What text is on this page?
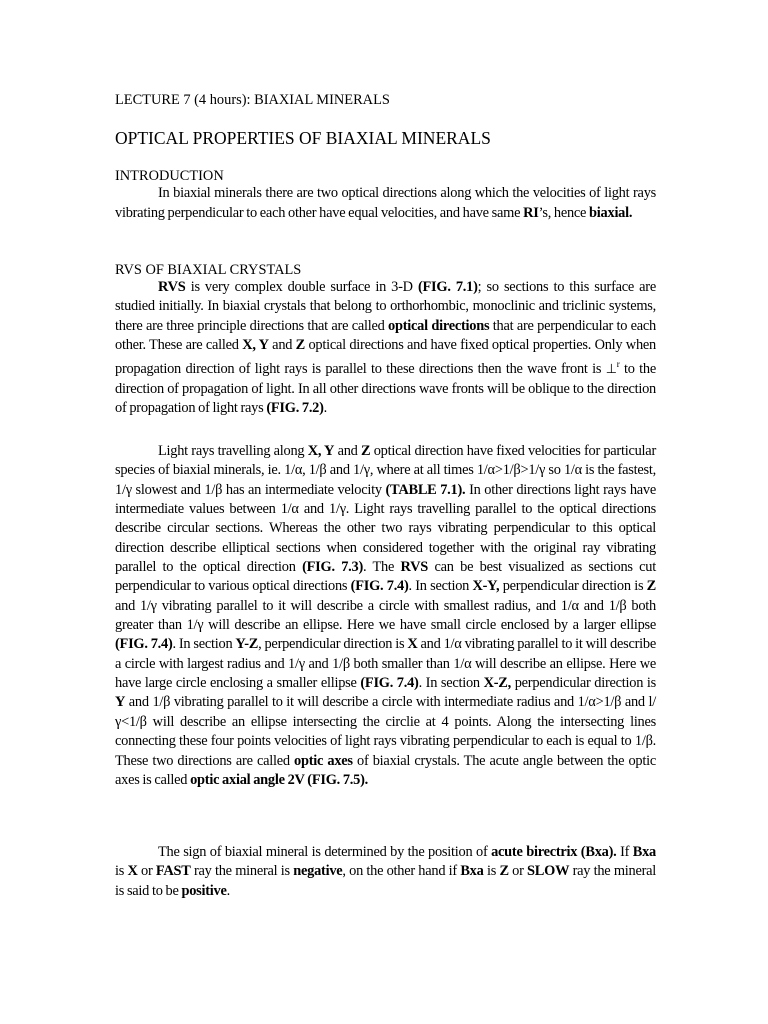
LECTURE 7 (4 hours): BIAXIAL MINERALS
OPTICAL PROPERTIES OF BIAXIAL MINERALS
INTRODUCTION
In biaxial minerals there are two optical directions along which the velocities of light rays vibrating perpendicular to each other have equal velocities, and have same RI’s, hence biaxial.
RVS OF BIAXIAL CRYSTALS
RVS is very complex double surface in 3-D (FIG. 7.1); so sections to this surface are studied initially. In biaxial crystals that belong to orthorhombic, monoclinic and triclinic systems, there are three principle directions that are called optical directions that are perpendicular to each other. These are called X, Y and Z optical directions and have fixed optical properties. Only when propagation direction of light rays is parallel to these directions then the wave front is ⊥$^r$ to the direction of propagation of light. In all other directions wave fronts will be oblique to the direction of propagation of light rays (FIG. 7.2).
Light rays travelling along X, Y and Z optical direction have fixed velocities for particular species of biaxial minerals, ie. 1/α, 1/β and 1/γ, where at all times 1/α>1/β>1/γ so 1/α is the fastest, 1/γ slowest and 1/β has an intermediate velocity (TABLE 7.1). In other directions light rays have intermediate values between 1/α and 1/γ. Light rays travelling parallel to the optical directions describe circular sections. Whereas the other two rays vibrating perpendicular to this optical direction describe elliptical sections when considered together with the original ray vibrating parallel to the optical direction (FIG. 7.3). The RVS can be best visualized as sections cut perpendicular to various optical directions (FIG. 7.4). In section X-Y, perpendicular direction is Z and 1/γ vibrating parallel to it will describe a circle with smallest radius, and 1/α and 1/β both greater than 1/γ will describe an ellipse. Here we have small circle enclosed by a larger ellipse (FIG. 7.4). In section Y-Z, perpendicular direction is X and 1/α vibrating parallel to it will describe a circle with largest radius and 1/γ and 1/β both smaller than 1/α will describe an ellipse. Here we have large circle enclosing a smaller ellipse (FIG. 7.4). In section X-Z, perpendicular direction is Y and 1/β vibrating parallel to it will describe a circle with intermediate radius and 1/α>1/β and l/γ<1/β will describe an ellipse intersecting the circlie at 4 points. Along the intersecting lines connecting these four points velocities of light rays vibrating perpendicular to each is equal to 1/β. These two directions are called optic axes of biaxial crystals. The acute angle between the optic axes is called optic axial angle 2V (FIG. 7.5).
The sign of biaxial mineral is determined by the position of acute birectrix (Bxa). If Bxa is X or FAST ray the mineral is negative, on the other hand if Bxa is Z or SLOW ray the mineral is said to be positive.
